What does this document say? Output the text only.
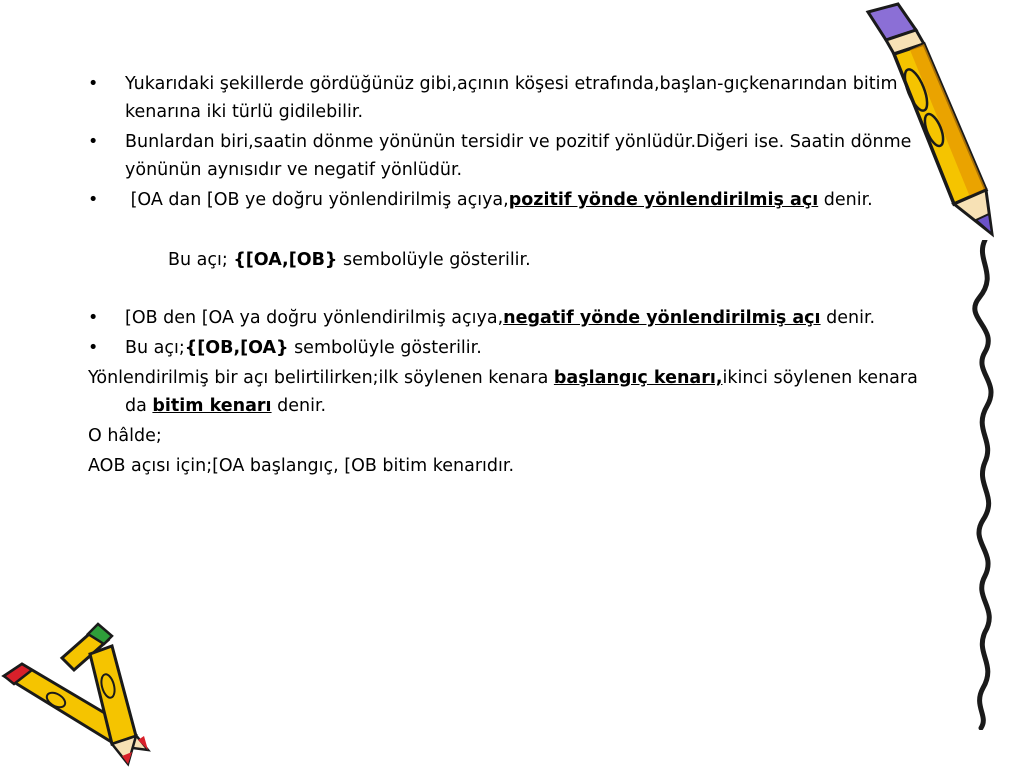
• Yukarıdaki şekillerde gördüğünüz gibi,açının köşesi etrafında,başlan-gıçkenarından bitim kenarına iki türlü gidilebilir.

• Bunlardan biri,saatin dönme yönünün tersidir ve pozitif yönlüdür.Diğeri ise. Saatin dönme yönünün aynısıdır ve negatif yönlüdür.

• [OA dan [OB ye doğru yönlendirilmiş açıya,pozitif yönde yönlendirilmiş açı denir.

Bu açı; {[OA,[OB} sembolüyle gösterilir.

• [OB den [OA ya doğru yönlendirilmiş açıya,negatif yönde yönlendirilmiş açı denir.

• Bu açı;{[OB,[OA} sembolüyle gösterilir.

Yönlendirilmiş bir açı belirtilirken;ilk söylenen kenara başlangıç kenarı,ikinci söylenen kenara da bitim kenarı denir.

O hâlde;

AOB açısı için;[OA başlangıç, [OB bitim kenarıdır.
